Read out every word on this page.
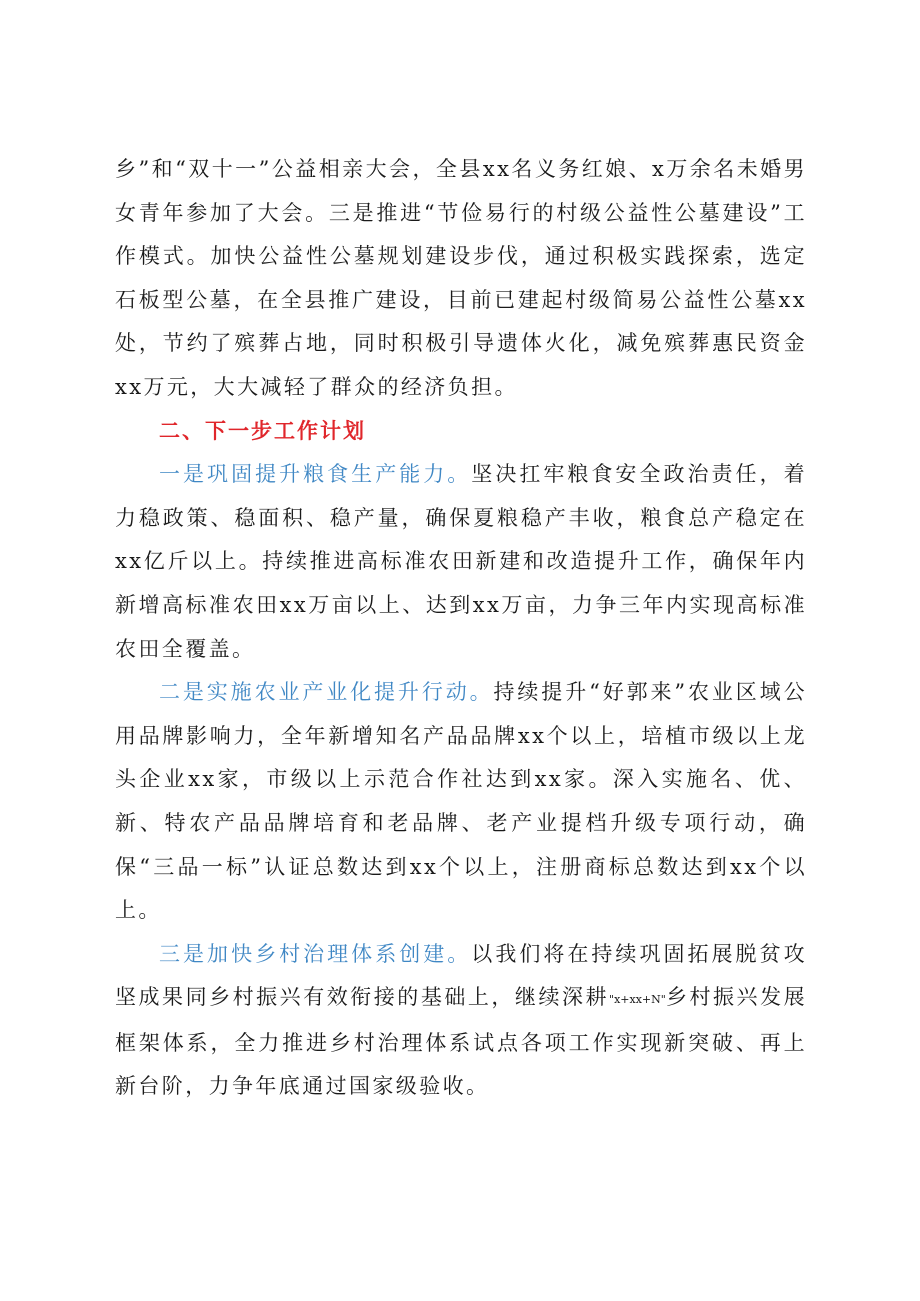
乡”和“双十一”公益相亲大会，全县xx名义务红娘、x万余名未婚男女青年参加了大会。三是推进“节俭易行的村级公益性公墓建设”工作模式。加快公益性公墓规划建设步伐，通过积极实践探索，选定石板型公墓，在全县推广建设，目前已建起村级简易公益性公墓xx处，节约了殡葬占地，同时积极引导遗体火化，减免殡葬惠民资金xx万元，大大减轻了群众的经济负担。

二、下一步工作计划

一是巩固提升粮食生产能力。坚决扛牢粮食安全政治责任，着力稳政策、稳面积、稳产量，确保夏粮稳产丰收，粮食总产稳定在xx亿斤以上。持续推进高标准农田新建和改造提升工作，确保年内新增高标准农田xx万亩以上、达到xx万亩，力争三年内实现高标准农田全覆盖。

二是实施农业产业化提升行动。持续提升“好郭来”农业区域公用品牌影响力，全年新增知名产品品牌xx个以上，培植市级以上龙头企业xx家，市级以上示范合作社达到xx家。深入实施名、优、新、特农产品品牌培育和老品牌、老产业提档升级专项行动，确保“三品一标”认证总数达到xx个以上，注册商标总数达到xx个以上。

三是加快乡村治理体系创建。以我们将在持续巩固拓展脱贫攻坚成果同乡村振兴有效衔接的基础上，继续深耕"x+xx+N"乡村振兴发展框架体系，全力推进乡村治理体系试点各项工作实现新突破、再上新台阶，力争年底通过国家级验收。
